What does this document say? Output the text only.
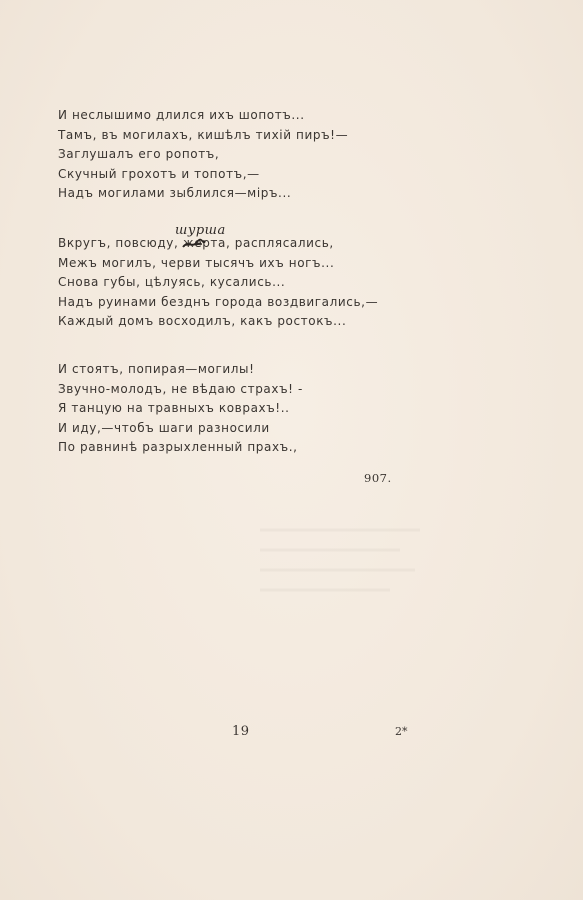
И неслышимо длился ихъ шопотъ...
Тамъ, въ могилахъ, кишѣлъ тихій пиръ!—
Заглушалъ его ропотъ,
Скучный грохотъ и топотъ,—
Надъ могилами зыблился—міръ...
шурша
Вкругъ, повсюду, жерта
, расплясались,
Межъ могилъ, черви тысячъ ихъ ногъ...
Снова губы, цѣлуясь, кусались...
Надъ руинами безднъ города воздвигались,—
Каждый домъ восходилъ, какъ ростокъ...
И стоятъ, попирая—могилы!
Звучно-молодъ, не вѣдаю страхъ! -
Я танцую на травныхъ коврахъ!..
И иду,—чтобъ шаги разносили
По равнинѣ разрыхленный прахъ.,
907.
19	2*
